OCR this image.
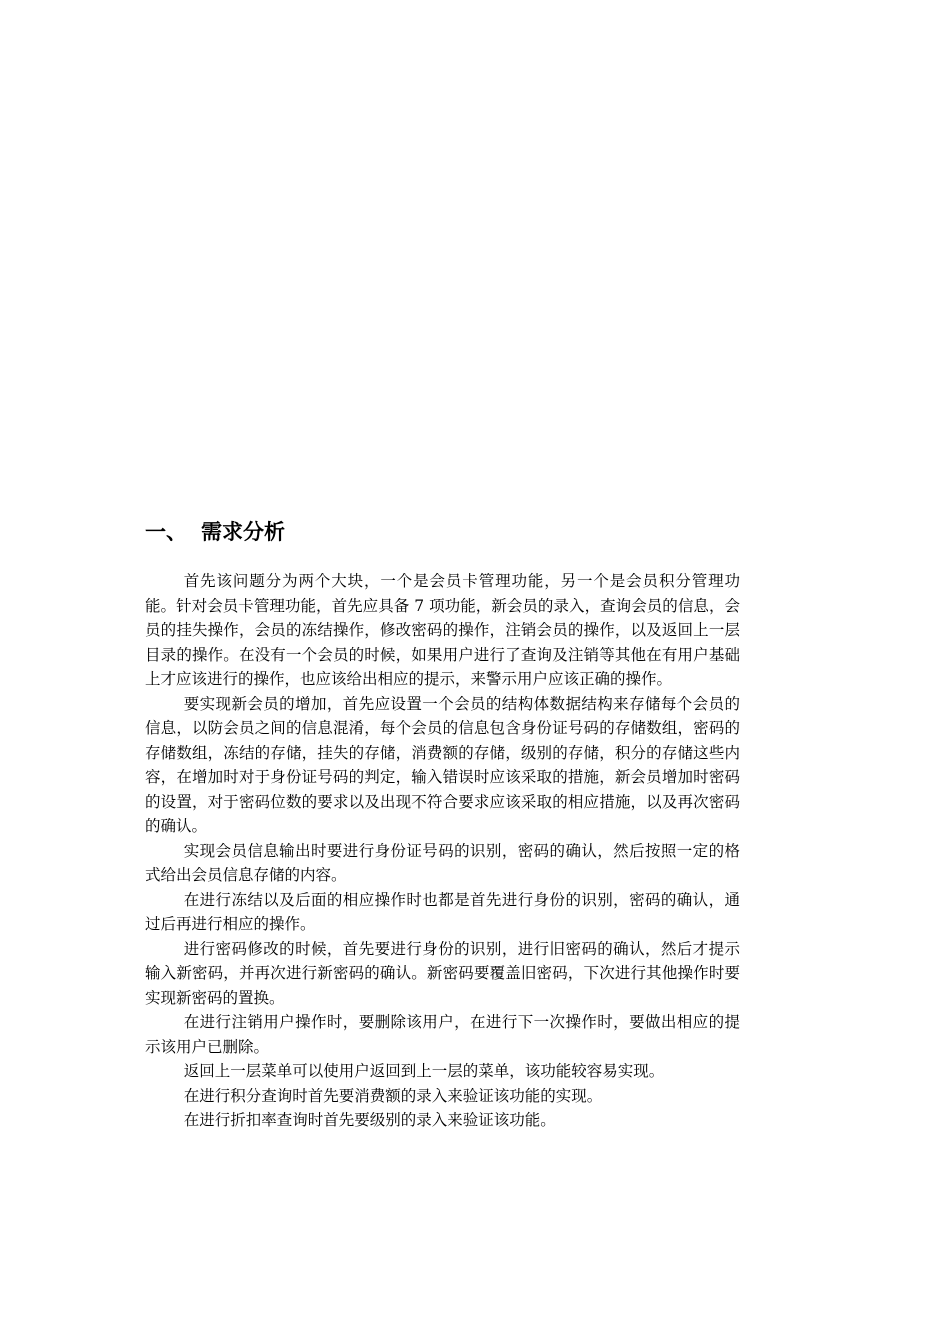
一、 需求分析

首先该问题分为两个大块，一个是会员卡管理功能，另一个是会员积分管理功能。针对会员卡管理功能，首先应具备 7 项功能，新会员的录入，查询会员的信息，会员的挂失操作，会员的冻结操作，修改密码的操作，注销会员的操作，以及返回上一层目录的操作。在没有一个会员的时候，如果用户进行了查询及注销等其他在有用户基础上才应该进行的操作，也应该给出相应的提示，来警示用户应该正确的操作。

要实现新会员的增加，首先应设置一个会员的结构体数据结构来存储每个会员的信息，以防会员之间的信息混淆，每个会员的信息包含身份证号码的存储数组，密码的存储数组，冻结的存储，挂失的存储，消费额的存储，级别的存储，积分的存储这些内容，在增加时对于身份证号码的判定，输入错误时应该采取的措施，新会员增加时密码的设置，对于密码位数的要求以及出现不符合要求应该采取的相应措施，以及再次密码的确认。

实现会员信息输出时要进行身份证号码的识别，密码的确认，然后按照一定的格式给出会员信息存储的内容。

在进行冻结以及后面的相应操作时也都是首先进行身份的识别，密码的确认，通过后再进行相应的操作。

进行密码修改的时候，首先要进行身份的识别，进行旧密码的确认，然后才提示输入新密码，并再次进行新密码的确认。新密码要覆盖旧密码，下次进行其他操作时要实现新密码的置换。

在进行注销用户操作时，要删除该用户，在进行下一次操作时，要做出相应的提示该用户已删除。

返回上一层菜单可以使用户返回到上一层的菜单，该功能较容易实现。

在进行积分查询时首先要消费额的录入来验证该功能的实现。

在进行折扣率查询时首先要级别的录入来验证该功能。
